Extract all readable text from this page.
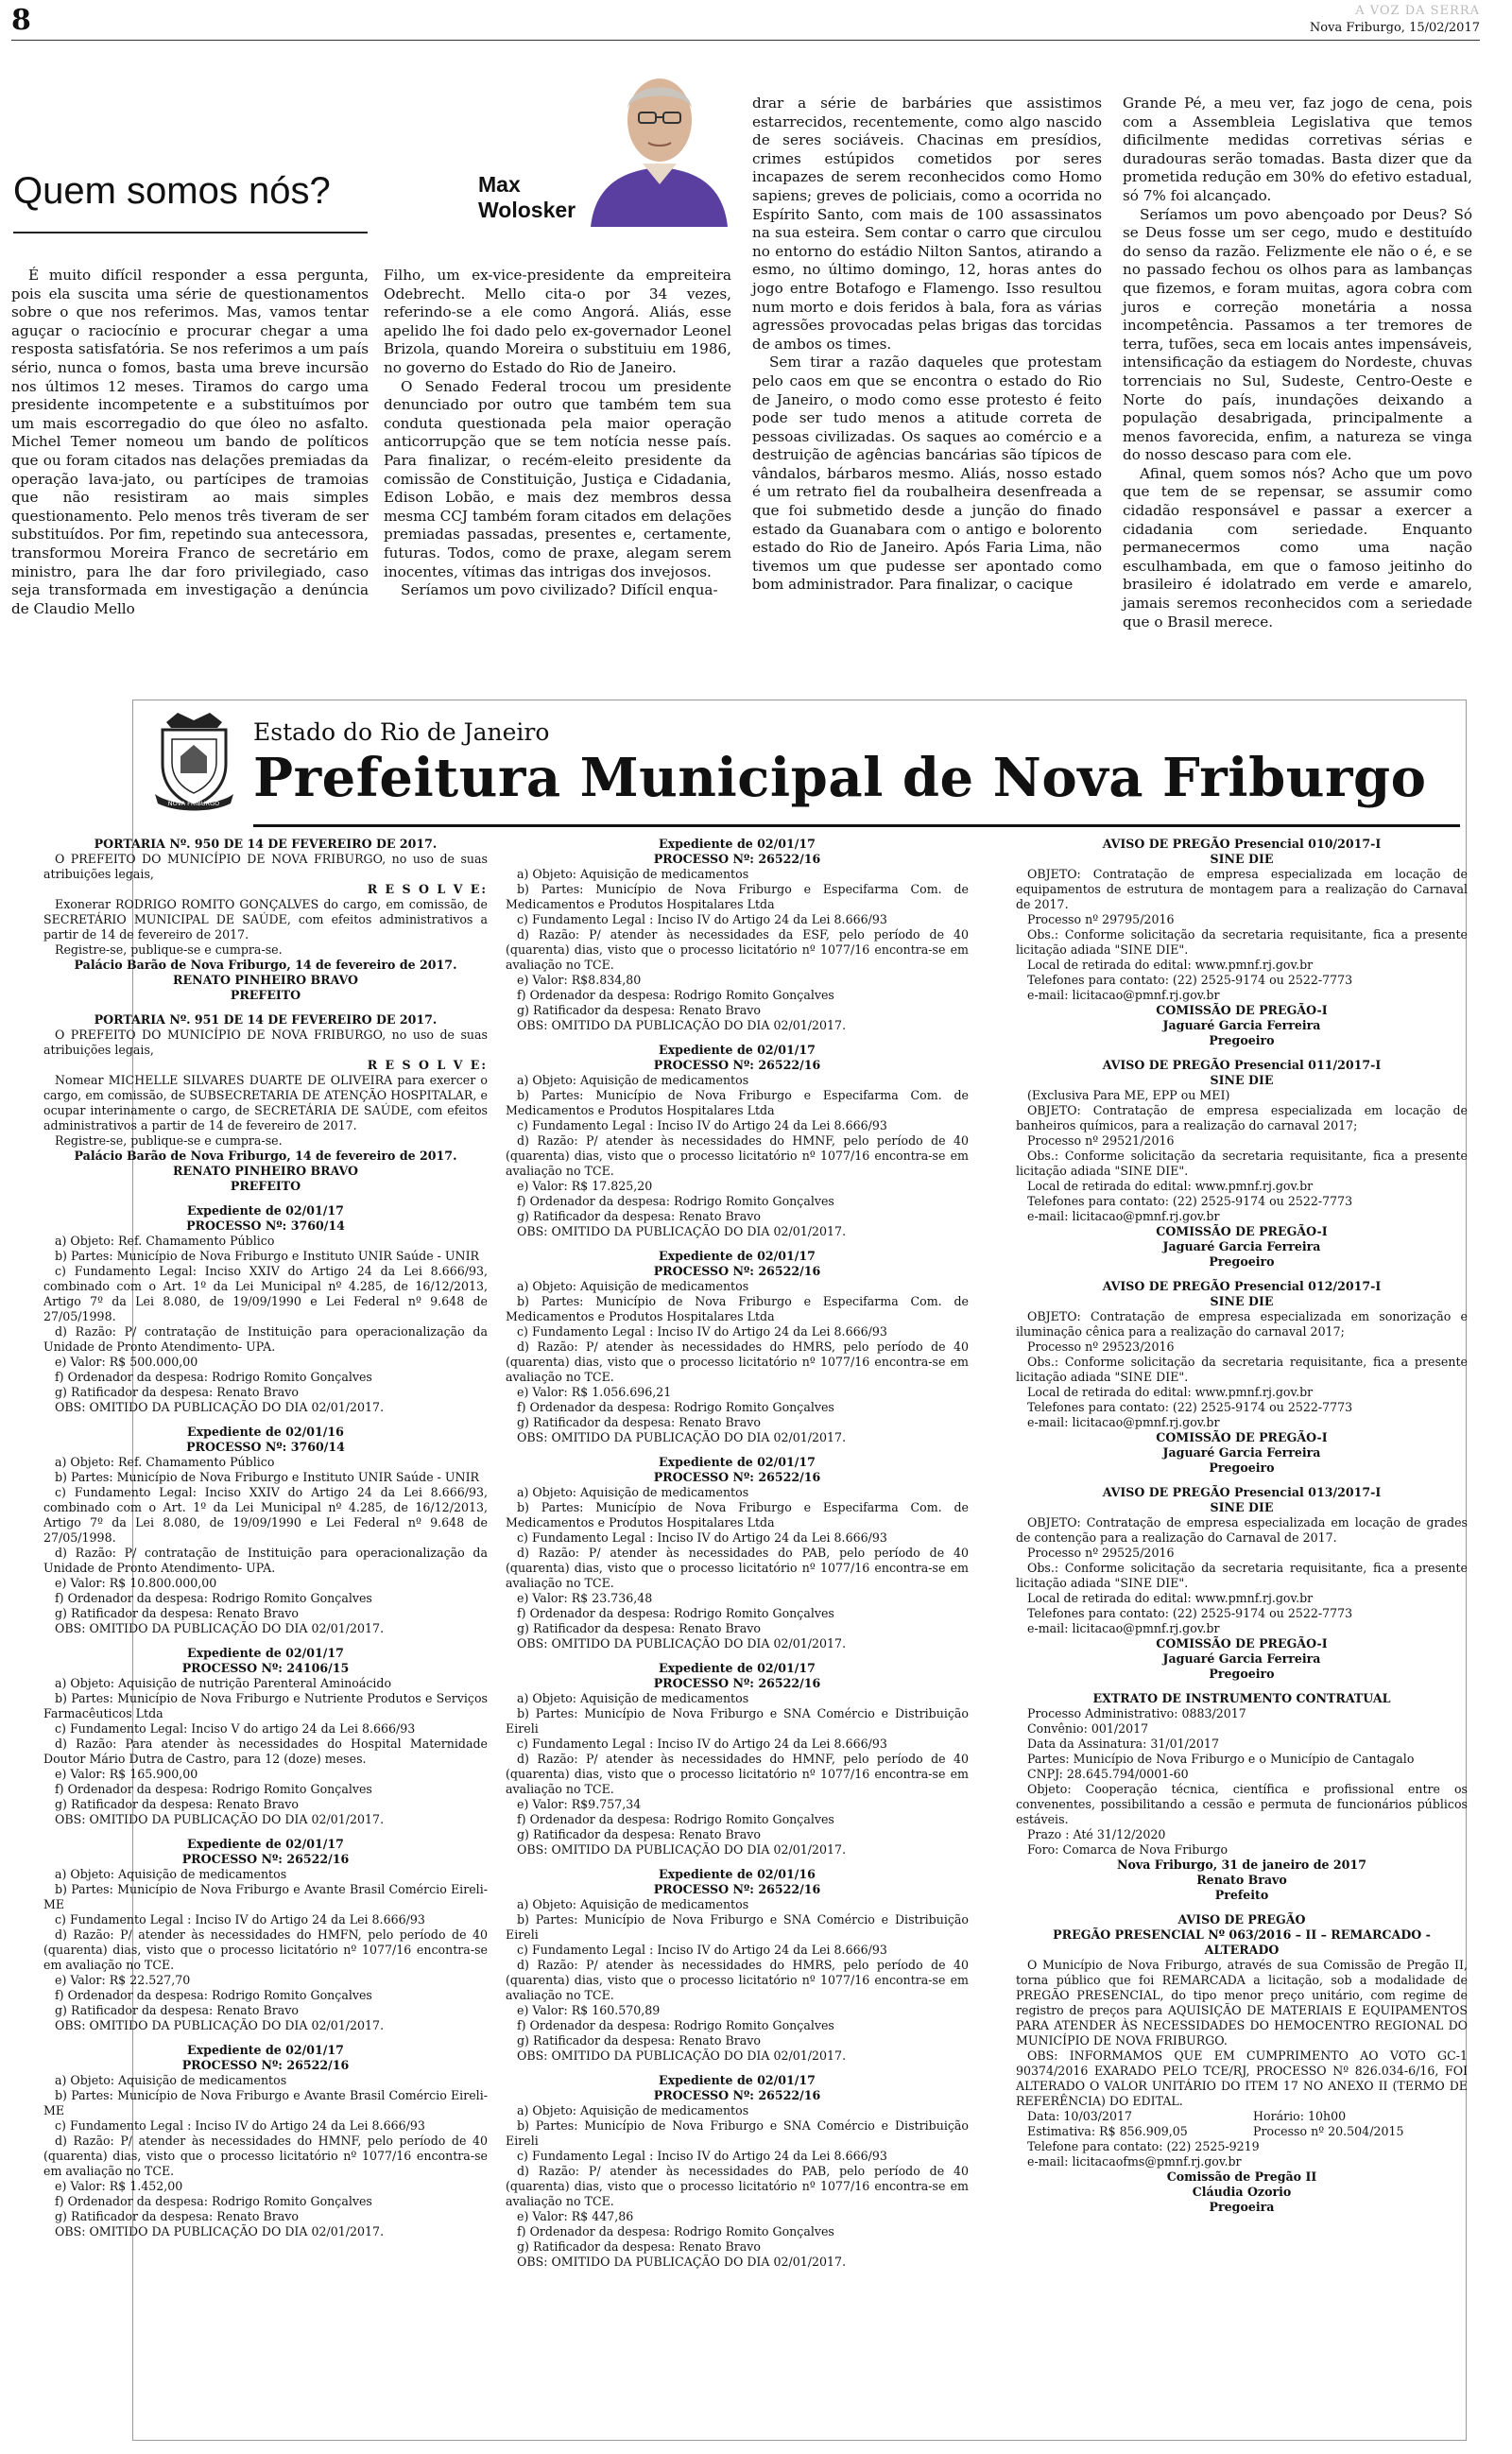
8	A VOZ DA SERRA
Nova Friburgo, 15/02/2017
Quem somos nós?	Max
Wolosker

É muito difícil responder a essa pergunta, pois ela suscita uma série de questionamentos sobre o que nos referimos. Mas, vamos tentar aguçar o raciocínio e procurar chegar a uma resposta satisfatória. Se nos referimos a um país sério, nunca o fomos, basta uma breve incursão nos últimos 12 meses. Tiramos do cargo uma presidente incompetente e a substituímos por um mais escorregadio do que óleo no asfalto. Michel Temer nomeou um bando de políticos que ou foram citados nas delações premiadas da operação lava-jato, ou partícipes de tramoias que não resistiram ao mais simples questionamento. Pelo menos três tiveram de ser substituídos. Por fim, repetindo sua antecessora, transformou Moreira Franco de secretário em ministro, para lhe dar foro privilegiado, caso seja transformada em investigação a denúncia de Claudio Mello

Filho, um ex-vice-presidente da empreiteira Odebrecht. Mello cita-o por 34 vezes, referindo-se a ele como Angorá. Aliás, esse apelido lhe foi dado pelo ex-governador Leonel Brizola, quando Moreira o substituiu em 1986, no governo do Estado do Rio de Janeiro.

O Senado Federal trocou um presidente denunciado por outro que também tem sua conduta questionada pela maior operação anticorrupção que se tem notícia nesse país. Para finalizar, o recém-eleito presidente da comissão de Constituição, Justiça e Cidadania, Edison Lobão, e mais dez membros dessa mesma CCJ também foram citados em delações premiadas passadas, presentes e, certamente, futuras. Todos, como de praxe, alegam serem inocentes, vítimas das intrigas dos invejosos.

Seríamos um povo civilizado? Difícil enqua-

drar a série de barbáries que assistimos estarrecidos, recentemente, como algo nascido de seres sociáveis. Chacinas em presídios, crimes estúpidos cometidos por seres incapazes de serem reconhecidos como Homo sapiens; greves de policiais, como a ocorrida no Espírito Santo, com mais de 100 assassinatos na sua esteira. Sem contar o carro que circulou no entorno do estádio Nilton Santos, atirando a esmo, no último domingo, 12, horas antes do jogo entre Botafogo e Flamengo. Isso resultou num morto e dois feridos à bala, fora as várias agressões provocadas pelas brigas das torcidas de ambos os times.

Sem tirar a razão daqueles que protestam pelo caos em que se encontra o estado do Rio de Janeiro, o modo como esse protesto é feito pode ser tudo menos a atitude correta de pessoas civilizadas. Os saques ao comércio e a destruição de agências bancárias são típicos de vândalos, bárbaros mesmo. Aliás, nosso estado é um retrato fiel da roubalheira desenfreada a que foi submetido desde a junção do finado estado da Guanabara com o antigo e bolorento estado do Rio de Janeiro. Após Faria Lima, não tivemos um que pudesse ser apontado como bom administrador. Para finalizar, o cacique

Grande Pé, a meu ver, faz jogo de cena, pois com a Assembleia Legislativa que temos dificilmente medidas corretivas sérias e duradouras serão tomadas. Basta dizer que da prometida redução em 30% do efetivo estadual, só 7% foi alcançado.

Seríamos um povo abençoado por Deus? Só se Deus fosse um ser cego, mudo e destituído do senso da razão. Felizmente ele não o é, e se no passado fechou os olhos para as lambanças que fizemos, e foram muitas, agora cobra com juros e correção monetária a nossa incompetência. Passamos a ter tremores de terra, tufões, seca em locais antes impensáveis, intensificação da estiagem do Nordeste, chuvas torrenciais no Sul, Sudeste, Centro-Oeste e Norte do país, inundações deixando a população desabrigada, principalmente a menos favorecida, enfim, a natureza se vinga do nosso descaso para com ele.

Afinal, quem somos nós? Acho que um povo que tem de se repensar, se assumir como cidadão responsável e passar a exercer a cidadania com seriedade. Enquanto permanecermos como uma nação esculhambada, em que o famoso jeitinho do brasileiro é idolatrado em verde e amarelo, jamais seremos reconhecidos com a seriedade que o Brasil merece.

NOVA FRIBURGO
Estado do Rio de Janeiro
Prefeitura Municipal de Nova Friburgo
PORTARIA Nº. 950 DE 14 DE FEVEREIRO DE 2017.
O PREFEITO DO MUNICÍPIO DE NOVA FRIBURGO, no uso de suas atribuições legais,
R E S O L V E:
Exonerar RODRIGO ROMITO GONÇALVES do cargo, em comissão, de SECRETÁRIO MUNICIPAL DE SAÚDE, com efeitos administrativos a partir de 14 de fevereiro de 2017.
Registre-se, publique-se e cumpra-se.
Palácio Barão de Nova Friburgo, 14 de fevereiro de 2017.
RENATO PINHEIRO BRAVO
PREFEITO
PORTARIA Nº. 951 DE 14 DE FEVEREIRO DE 2017.
O PREFEITO DO MUNICÍPIO DE NOVA FRIBURGO, no uso de suas atribuições legais,
R E S O L V E:
Nomear MICHELLE SILVARES DUARTE DE OLIVEIRA para exercer o cargo, em comissão, de SUBSECRETARIA DE ATENÇÃO HOSPITALAR, e ocupar interinamente o cargo, de SECRETÁRIA DE SAÚDE, com efeitos administrativos a partir de 14 de fevereiro de 2017.
Registre-se, publique-se e cumpra-se.
Palácio Barão de Nova Friburgo, 14 de fevereiro de 2017.
RENATO PINHEIRO BRAVO
PREFEITO
Expediente de 02/01/17
PROCESSO Nº: 3760/14
a) Objeto: Ref. Chamamento Público
b) Partes: Município de Nova Friburgo e Instituto UNIR Saúde - UNIR
c) Fundamento Legal: Inciso XXIV do Artigo 24 da Lei 8.666/93, combinado com o Art. 1º da Lei Municipal nº 4.285, de 16/12/2013, Artigo 7º da Lei 8.080, de 19/09/1990 e Lei Federal nº 9.648 de 27/05/1998.
d) Razão: P/ contratação de Instituição para operacionalização da Unidade de Pronto Atendimento- UPA.
e) Valor: R$ 500.000,00
f) Ordenador da despesa: Rodrigo Romito Gonçalves
g) Ratificador da despesa: Renato Bravo
OBS: OMITIDO DA PUBLICAÇÃO DO DIA 02/01/2017.
Expediente de 02/01/16
PROCESSO Nº: 3760/14
a) Objeto: Ref. Chamamento Público
b) Partes: Município de Nova Friburgo e Instituto UNIR Saúde - UNIR
c) Fundamento Legal: Inciso XXIV do Artigo 24 da Lei 8.666/93, combinado com o Art. 1º da Lei Municipal nº 4.285, de 16/12/2013, Artigo 7º da Lei 8.080, de 19/09/1990 e Lei Federal nº 9.648 de 27/05/1998.
d) Razão: P/ contratação de Instituição para operacionalização da Unidade de Pronto Atendimento- UPA.
e) Valor: R$ 10.800.000,00
f) Ordenador da despesa: Rodrigo Romito Gonçalves
g) Ratificador da despesa: Renato Bravo
OBS: OMITIDO DA PUBLICAÇÃO DO DIA 02/01/2017.
Expediente de 02/01/17
PROCESSO Nº: 24106/15
a) Objeto: Aquisição de nutrição Parenteral Aminoácido
b) Partes: Município de Nova Friburgo e Nutriente Produtos e Serviços Farmacêuticos Ltda
c) Fundamento Legal: Inciso V do artigo 24 da Lei 8.666/93
d) Razão: Para atender às necessidades do Hospital Maternidade Doutor Mário Dutra de Castro, para 12 (doze) meses.
e) Valor: R$ 165.900,00
f) Ordenador da despesa: Rodrigo Romito Gonçalves
g) Ratificador da despesa: Renato Bravo
OBS: OMITIDO DA PUBLICAÇÃO DO DIA 02/01/2017.
Expediente de 02/01/17
PROCESSO Nº: 26522/16
a) Objeto: Aquisição de medicamentos
b) Partes: Município de Nova Friburgo e Avante Brasil Comércio Eireli-ME
c) Fundamento Legal : Inciso IV do Artigo 24 da Lei 8.666/93
d) Razão: P/ atender às necessidades do HMFN, pelo período de 40 (quarenta) dias, visto que o processo licitatório nº 1077/16 encontra-se em avaliação no TCE.
e) Valor: R$ 22.527,70
f) Ordenador da despesa: Rodrigo Romito Gonçalves
g) Ratificador da despesa: Renato Bravo
OBS: OMITIDO DA PUBLICAÇÃO DO DIA 02/01/2017.
Expediente de 02/01/17
PROCESSO Nº: 26522/16
a) Objeto: Aquisição de medicamentos
b) Partes: Município de Nova Friburgo e Avante Brasil Comércio Eireli-ME
c) Fundamento Legal : Inciso IV do Artigo 24 da Lei 8.666/93
d) Razão: P/ atender às necessidades do HMNF, pelo período de 40 (quarenta) dias, visto que o processo licitatório nº 1077/16 encontra-se em avaliação no TCE.
e) Valor: R$ 1.452,00
f) Ordenador da despesa: Rodrigo Romito Gonçalves
g) Ratificador da despesa: Renato Bravo
OBS: OMITIDO DA PUBLICAÇÃO DO DIA 02/01/2017.
Expediente de 02/01/17
PROCESSO Nº: 26522/16
a) Objeto: Aquisição de medicamentos
b) Partes: Município de Nova Friburgo e Especifarma Com. de Medicamentos e Produtos Hospitalares Ltda
c) Fundamento Legal : Inciso IV do Artigo 24 da Lei 8.666/93
d) Razão: P/ atender às necessidades da ESF, pelo período de 40 (quarenta) dias, visto que o processo licitatório nº 1077/16 encontra-se em avaliação no TCE.
e) Valor: R$8.834,80
f) Ordenador da despesa: Rodrigo Romito Gonçalves
g) Ratificador da despesa: Renato Bravo
OBS: OMITIDO DA PUBLICAÇÃO DO DIA 02/01/2017.
Expediente de 02/01/17
PROCESSO Nº: 26522/16
a) Objeto: Aquisição de medicamentos
b) Partes: Município de Nova Friburgo e Especifarma Com. de Medicamentos e Produtos Hospitalares Ltda
c) Fundamento Legal : Inciso IV do Artigo 24 da Lei 8.666/93
d) Razão: P/ atender às necessidades do HMNF, pelo período de 40 (quarenta) dias, visto que o processo licitatório nº 1077/16 encontra-se em avaliação no TCE.
e) Valor: R$ 17.825,20
f) Ordenador da despesa: Rodrigo Romito Gonçalves
g) Ratificador da despesa: Renato Bravo
OBS: OMITIDO DA PUBLICAÇÃO DO DIA 02/01/2017.
Expediente de 02/01/17
PROCESSO Nº: 26522/16
a) Objeto: Aquisição de medicamentos
b) Partes: Município de Nova Friburgo e Especifarma Com. de Medicamentos e Produtos Hospitalares Ltda
c) Fundamento Legal : Inciso IV do Artigo 24 da Lei 8.666/93
d) Razão: P/ atender às necessidades do HMRS, pelo período de 40 (quarenta) dias, visto que o processo licitatório nº 1077/16 encontra-se em avaliação no TCE.
e) Valor: R$ 1.056.696,21
f) Ordenador da despesa: Rodrigo Romito Gonçalves
g) Ratificador da despesa: Renato Bravo
OBS: OMITIDO DA PUBLICAÇÃO DO DIA 02/01/2017.
Expediente de 02/01/17
PROCESSO Nº: 26522/16
a) Objeto: Aquisição de medicamentos
b) Partes: Município de Nova Friburgo e Especifarma Com. de Medicamentos e Produtos Hospitalares Ltda
c) Fundamento Legal : Inciso IV do Artigo 24 da Lei 8.666/93
d) Razão: P/ atender às necessidades do PAB, pelo período de 40 (quarenta) dias, visto que o processo licitatório nº 1077/16 encontra-se em avaliação no TCE.
e) Valor: R$ 23.736,48
f) Ordenador da despesa: Rodrigo Romito Gonçalves
g) Ratificador da despesa: Renato Bravo
OBS: OMITIDO DA PUBLICAÇÃO DO DIA 02/01/2017.
Expediente de 02/01/17
PROCESSO Nº: 26522/16
a) Objeto: Aquisição de medicamentos
b) Partes: Município de Nova Friburgo e SNA Comércio e Distribuição Eireli
c) Fundamento Legal : Inciso IV do Artigo 24 da Lei 8.666/93
d) Razão: P/ atender às necessidades do HMNF, pelo período de 40 (quarenta) dias, visto que o processo licitatório nº 1077/16 encontra-se em avaliação no TCE.
e) Valor: R$9.757,34
f) Ordenador da despesa: Rodrigo Romito Gonçalves
g) Ratificador da despesa: Renato Bravo
OBS: OMITIDO DA PUBLICAÇÃO DO DIA 02/01/2017.
Expediente de 02/01/16
PROCESSO Nº: 26522/16
a) Objeto: Aquisição de medicamentos
b) Partes: Município de Nova Friburgo e SNA Comércio e Distribuição Eireli
c) Fundamento Legal : Inciso IV do Artigo 24 da Lei 8.666/93
d) Razão: P/ atender às necessidades do HMRS, pelo período de 40 (quarenta) dias, visto que o processo licitatório nº 1077/16 encontra-se em avaliação no TCE.
e) Valor: R$ 160.570,89
f) Ordenador da despesa: Rodrigo Romito Gonçalves
g) Ratificador da despesa: Renato Bravo
OBS: OMITIDO DA PUBLICAÇÃO DO DIA 02/01/2017.
Expediente de 02/01/17
PROCESSO Nº: 26522/16
a) Objeto: Aquisição de medicamentos
b) Partes: Município de Nova Friburgo e SNA Comércio e Distribuição Eireli
c) Fundamento Legal : Inciso IV do Artigo 24 da Lei 8.666/93
d) Razão: P/ atender às necessidades do PAB, pelo período de 40 (quarenta) dias, visto que o processo licitatório nº 1077/16 encontra-se em avaliação no TCE.
e) Valor: R$ 447,86
f) Ordenador da despesa: Rodrigo Romito Gonçalves
g) Ratificador da despesa: Renato Bravo
OBS: OMITIDO DA PUBLICAÇÃO DO DIA 02/01/2017.
AVISO DE PREGÃO Presencial 010/2017-I
SINE DIE
OBJETO: Contratação de empresa especializada em locação de equipamentos de estrutura de montagem para a realização do Carnaval de 2017.
Processo nº 29795/2016
Obs.: Conforme solicitação da secretaria requisitante, fica a presente licitação adiada "SINE DIE".
Local de retirada do edital: www.pmnf.rj.gov.br
Telefones para contato: (22) 2525-9174 ou 2522-7773
e-mail: licitacao@pmnf.rj.gov.br
COMISSÃO DE PREGÃO-I
Jaguaré Garcia Ferreira
Pregoeiro
AVISO DE PREGÃO Presencial 011/2017-I
SINE DIE
(Exclusiva Para ME, EPP ou MEI)
OBJETO: Contratação de empresa especializada em locação de banheiros químicos, para a realização do carnaval 2017;
Processo nº 29521/2016
Obs.: Conforme solicitação da secretaria requisitante, fica a presente licitação adiada "SINE DIE".
Local de retirada do edital: www.pmnf.rj.gov.br
Telefones para contato: (22) 2525-9174 ou 2522-7773
e-mail: licitacao@pmnf.rj.gov.br
COMISSÃO DE PREGÃO-I
Jaguaré Garcia Ferreira
Pregoeiro
AVISO DE PREGÃO Presencial 012/2017-I
SINE DIE
OBJETO: Contratação de empresa especializada em sonorização e iluminação cênica para a realização do carnaval 2017;
Processo nº 29523/2016
Obs.: Conforme solicitação da secretaria requisitante, fica a presente licitação adiada "SINE DIE".
Local de retirada do edital: www.pmnf.rj.gov.br
Telefones para contato: (22) 2525-9174 ou 2522-7773
e-mail: licitacao@pmnf.rj.gov.br
COMISSÃO DE PREGÃO-I
Jaguaré Garcia Ferreira
Pregoeiro
AVISO DE PREGÃO Presencial 013/2017-I
SINE DIE
OBJETO: Contratação de empresa especializada em locação de grades de contenção para a realização do Carnaval de 2017.
Processo nº 29525/2016
Obs.: Conforme solicitação da secretaria requisitante, fica a presente licitação adiada "SINE DIE".
Local de retirada do edital: www.pmnf.rj.gov.br
Telefones para contato: (22) 2525-9174 ou 2522-7773
e-mail: licitacao@pmnf.rj.gov.br
COMISSÃO DE PREGÃO-I
Jaguaré Garcia Ferreira
Pregoeiro
EXTRATO DE INSTRUMENTO CONTRATUAL
Processo Administrativo: 0883/2017
Convênio: 001/2017
Data da Assinatura: 31/01/2017
Partes: Município de Nova Friburgo e o Município de Cantagalo
CNPJ: 28.645.794/0001-60
Objeto: Cooperação técnica, científica e profissional entre os convenentes, possibilitando a cessão e permuta de funcionários públicos estáveis.
Prazo : Até 31/12/2020
Foro: Comarca de Nova Friburgo
Nova Friburgo, 31 de janeiro de 2017
Renato Bravo
Prefeito
AVISO DE PREGÃO
PREGÃO PRESENCIAL Nº 063/2016 – II – REMARCADO - ALTERADO
O Município de Nova Friburgo, através de sua Comissão de Pregão II, torna público que foi REMARCADA a licitação, sob a modalidade de PREGÃO PRESENCIAL, do tipo menor preço unitário, com regime de registro de preços para AQUISIÇÃO DE MATERIAIS E EQUIPAMENTOS PARA ATENDER ÀS NECESSIDADES DO HEMOCENTRO REGIONAL DO MUNICÍPIO DE NOVA FRIBURGO.
OBS: INFORMAMOS QUE EM CUMPRIMENTO AO VOTO GC-1 90374/2016 EXARADO PELO TCE/RJ, PROCESSO Nº 826.034-6/16, FOI ALTERADO O VALOR UNITÁRIO DO ITEM 17 NO ANEXO II (TERMO DE REFERÊNCIA) DO EDITAL.
Data: 10/03/2017	Horário: 10h00
Estimativa: R$ 856.909,05	Processo nº 20.504/2015
Telefone para contato: (22) 2525-9219
e-mail: licitacaofms@pmnf.rj.gov.br
Comissão de Pregão II
Cláudia Ozorio
Pregoeira
